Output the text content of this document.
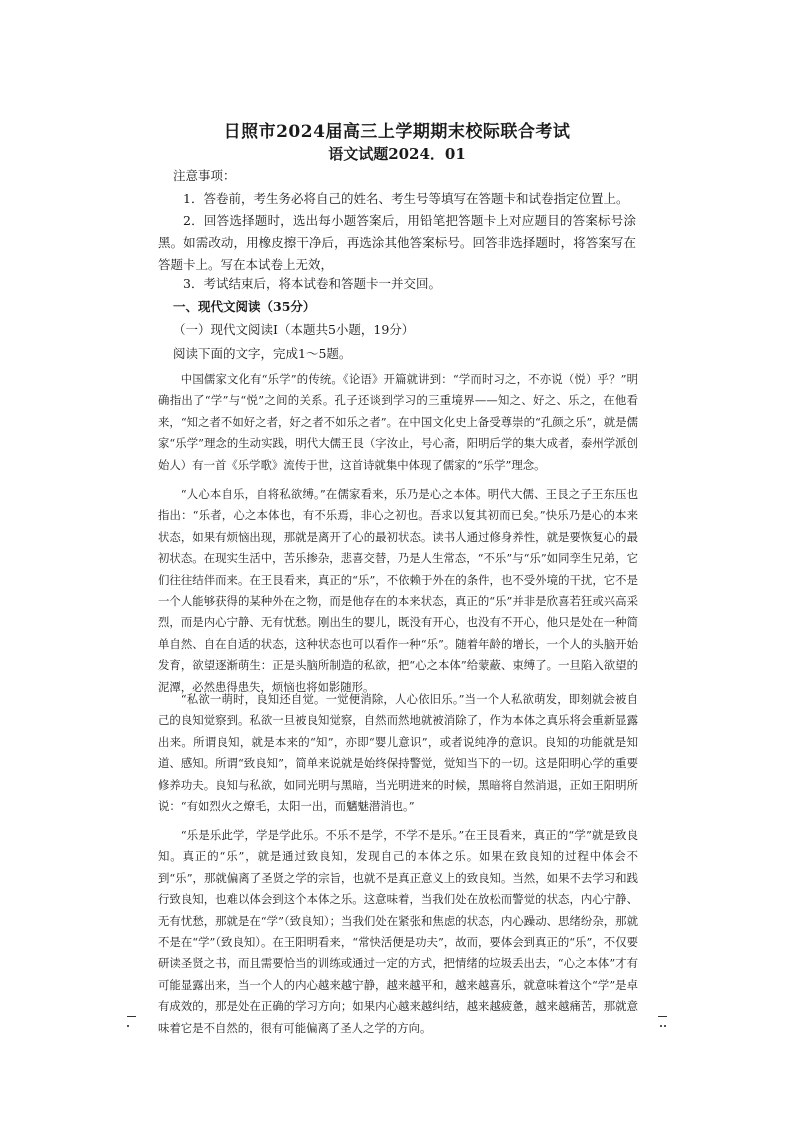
日照市2024届高三上学期期末校际联合考试
语文试题2024．01
注意事项：
1．答卷前，考生务必将自己的姓名、考生号等填写在答题卡和试卷指定位置上。
2．回答选择题时，选出每小题答案后，用铅笔把答题卡上对应题目的答案标号涂黑。如需改动，用橡皮擦干净后，再选涂其他答案标号。回答非选择题时，将答案写在答题卡上。写在本试卷上无效，
3．考试结束后，将本试卷和答题卡一并交回。
一、现代文阅读（35分）
（一）现代文阅读Ⅰ（本题共5小题，19分）
阅读下面的文字，完成1～5题。
中国儒家文化有“乐学”的传统。《论语》开篇就讲到：“学而时习之，不亦说（悦）乎？”明确指出了“学”与“悦”之间的关系。孔子还谈到学习的三重境界——知之、好之、乐之，在他看来，“知之者不如好之者，好之者不如乐之者”。在中国文化史上备受尊崇的“孔颜之乐”，就是儒家“乐学”理念的生动实践，明代大儒王艮（字汝止，号心斋，阳明后学的集大成者，泰州学派创始人）有一首《乐学歌》流传于世，这首诗就集中体现了儒家的“乐学”理念。
“人心本自乐，自将私欲缚。”在儒家看来，乐乃是心之本体。明代大儒、王艮之子王东压也指出：“乐者，心之本体也，有不乐焉，非心之初也。吾求以复其初而已矣。”快乐乃是心的本来状态，如果有烦恼出现，那就是离开了心的最初状态。读书人通过修身养性，就是要恢复心的最初状态。在现实生活中，苦乐掺杂，悲喜交替，乃是人生常态，“不乐”与“乐”如同孪生兄弟，它们往往结伴而来。在王艮看来，真正的“乐”，不依赖于外在的条件，也不受外境的干扰，它不是一个人能够获得的某种外在之物，而是他存在的本来状态，真正的“乐”并非是欣喜若狂或兴高采烈，而是内心宁静、无有忧愁。刚出生的婴儿，既没有开心，也没有不开心，他只是处在一种简单自然、自在自适的状态，这种状态也可以看作一种“乐”。随着年龄的增长，一个人的头脑开始发育，欲望逐渐萌生：正是头脑所制造的私欲，把“心之本体”给蒙蔽、束缚了。一旦陷入欲望的泥潭，必然患得患失，烦恼也将如影随形。
“私欲一萌时，良知还自觉。一觉便消除，人心依旧乐。”当一个人私欲萌发，即刻就会被自己的良知觉察到。私欲一旦被良知觉察，自然而然地就被消除了，作为本体之真乐将会重新显露出来。所谓良知，就是本来的“知”，亦即“婴儿意识”，或者说纯净的意识。良知的功能就是知道、感知。所谓“致良知”，简单来说就是始终保持警觉，觉知当下的一切。这是阳明心学的重要修养功夫。良知与私欲，如同光明与黑暗，当光明进来的时候，黑暗将自然消退，正如王阳明所说：“有如烈火之燎毛，太阳一出，而魑魅潜消也。”
“乐是乐此学，学是学此乐。不乐不是学，不学不是乐。”在王艮看来，真正的“学”就是致良知。真正的“乐”，就是通过致良知，发现自己的本体之乐。如果在致良知的过程中体会不到“乐”，那就偏离了圣贤之学的宗旨，也就不是真正意义上的致良知。当然，如果不去学习和践行致良知，也难以体会到这个本体之乐。这意味着，当我们处在放松而警觉的状态，内心宁静、无有忧愁，那就是在“学”（致良知）；当我们处在紧张和焦虑的状态，内心躁动、思绪纷杂，那就不是在“学”（致良知）。在王阳明看来，“常快活便是功夫”，故而，要体会到真正的“乐”，不仅要研读圣贤之书，而且需要恰当的训练或通过一定的方式，把情绪的垃圾丢出去，“心之本体”才有可能显露出来，当一个人的内心越来越宁静，越来越平和，越来越喜乐，就意味着这个“学”是卓有成效的，那是处在正确的学习方向；如果内心越来越纠结，越来越疲惫，越来越痛苦，那就意味着它是不自然的，很有可能偏离了圣人之学的方向。
